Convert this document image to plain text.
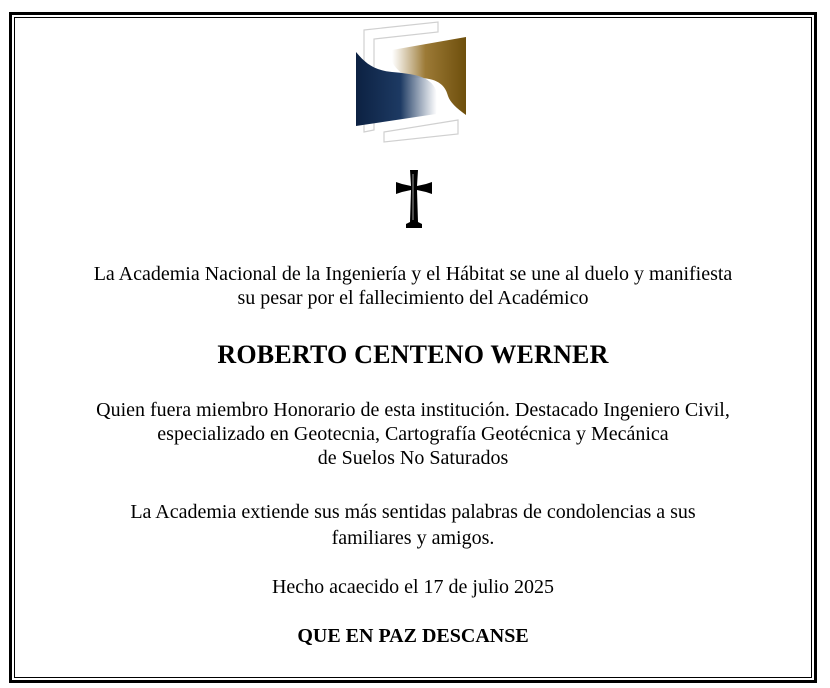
La Academia Nacional de la Ingeniería y el Hábitat se une al duelo y manifiesta
su pesar por el fallecimiento del Académico

ROBERTO CENTENO WERNER

Quien fuera miembro Honorario de esta institución. Destacado Ingeniero Civil,
especializado en Geotecnia, Cartografía Geotécnica y Mecánica
de Suelos No Saturados

La Academia extiende sus más sentidas palabras de condolencias a sus
familiares y amigos.

Hecho acaecido el 17 de julio 2025

QUE EN PAZ DESCANSE
